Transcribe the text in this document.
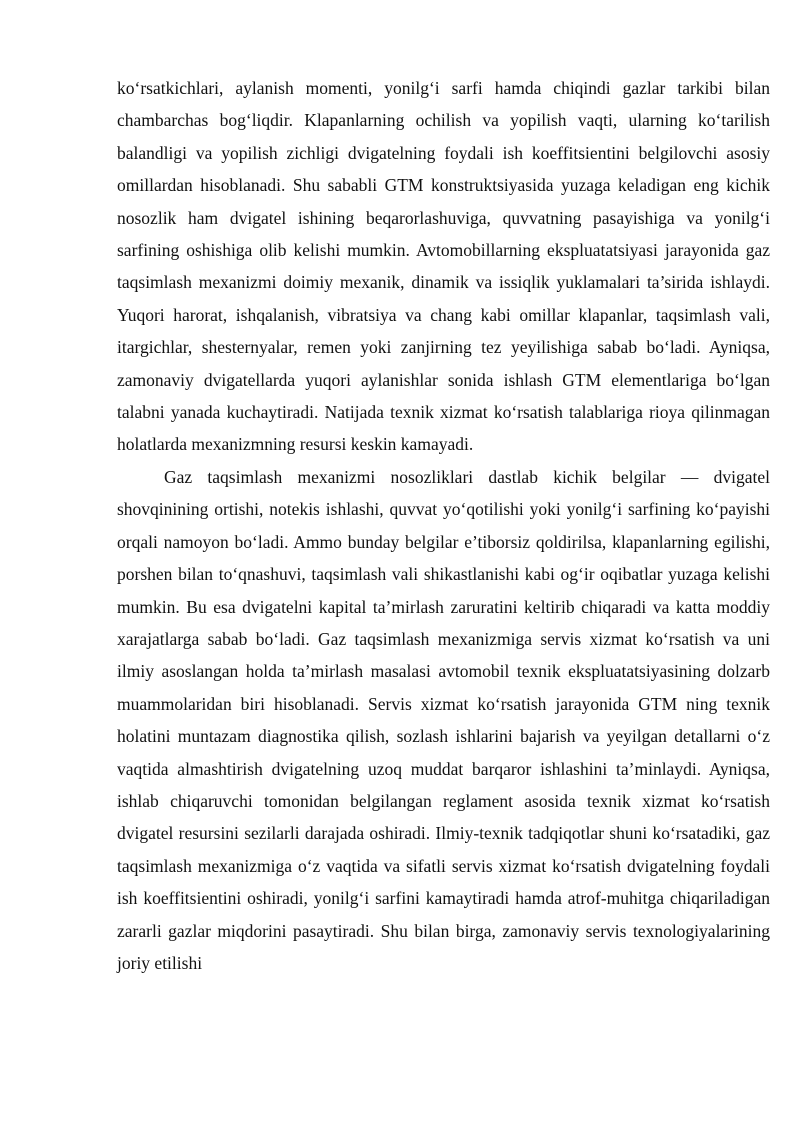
ko‘rsatkichlari, aylanish momenti, yonilg‘i sarfi hamda chiqindi gazlar tarkibi bilan chambarchas bog‘liqdir. Klapanlarning ochilish va yopilish vaqti, ularning ko‘tarilish balandligi va yopilish zichligi dvigatelning foydali ish koeffitsientini belgilovchi asosiy omillardan hisoblanadi. Shu sababli GTM konstruktsiyasida yuzaga keladigan eng kichik nosozlik ham dvigatel ishining beqarorlashuviga, quvvatning pasayishiga va yonilg‘i sarfining oshishiga olib kelishi mumkin. Avtomobillarning ekspluatatsiyasi jarayonida gaz taqsimlash mexanizmi doimiy mexanik, dinamik va issiqlik yuklamalari ta’sirida ishlaydi. Yuqori harorat, ishqalanish, vibratsiya va chang kabi omillar klapanlar, taqsimlash vali, itargichlar, shesternyalar, remen yoki zanjirning tez yeyilishiga sabab bo‘ladi. Ayniqsa, zamonaviy dvigatellarda yuqori aylanishlar sonida ishlash GTM elementlariga bo‘lgan talabni yanada kuchaytiradi. Natijada texnik xizmat ko‘rsatish talablariga rioya qilinmagan holatlarda mexanizmning resursi keskin kamayadi.

Gaz taqsimlash mexanizmi nosozliklari dastlab kichik belgilar — dvigatel shovqinining ortishi, notekis ishlashi, quvvat yo‘qotilishi yoki yonilg‘i sarfining ko‘payishi orqali namoyon bo‘ladi. Ammo bunday belgilar e’tiborsiz qoldirilsa, klapanlarning egilishi, porshen bilan to‘qnashuvi, taqsimlash vali shikastlanishi kabi og‘ir oqibatlar yuzaga kelishi mumkin. Bu esa dvigatelni kapital ta’mirlash zaruratini keltirib chiqaradi va katta moddiy xarajatlarga sabab bo‘ladi. Gaz taqsimlash mexanizmiga servis xizmat ko‘rsatish va uni ilmiy asoslangan holda ta’mirlash masalasi avtomobil texnik ekspluatatsiyasining dolzarb muammolaridan biri hisoblanadi. Servis xizmat ko‘rsatish jarayonida GTM ning texnik holatini muntazam diagnostika qilish, sozlash ishlarini bajarish va yeyilgan detallarni o‘z vaqtida almashtirish dvigatelning uzoq muddat barqaror ishlashini ta’minlaydi. Ayniqsa, ishlab chiqaruvchi tomonidan belgilangan reglament asosida texnik xizmat ko‘rsatish dvigatel resursini sezilarli darajada oshiradi. Ilmiy-texnik tadqiqotlar shuni ko‘rsatadiki, gaz taqsimlash mexanizmiga o‘z vaqtida va sifatli servis xizmat ko‘rsatish dvigatelning foydali ish koeffitsientini oshiradi, yonilg‘i sarfini kamaytiradi hamda atrof-muhitga chiqariladigan zararli gazlar miqdorini pasaytiradi. Shu bilan birga, zamonaviy servis texnologiyalarining joriy etilishi
